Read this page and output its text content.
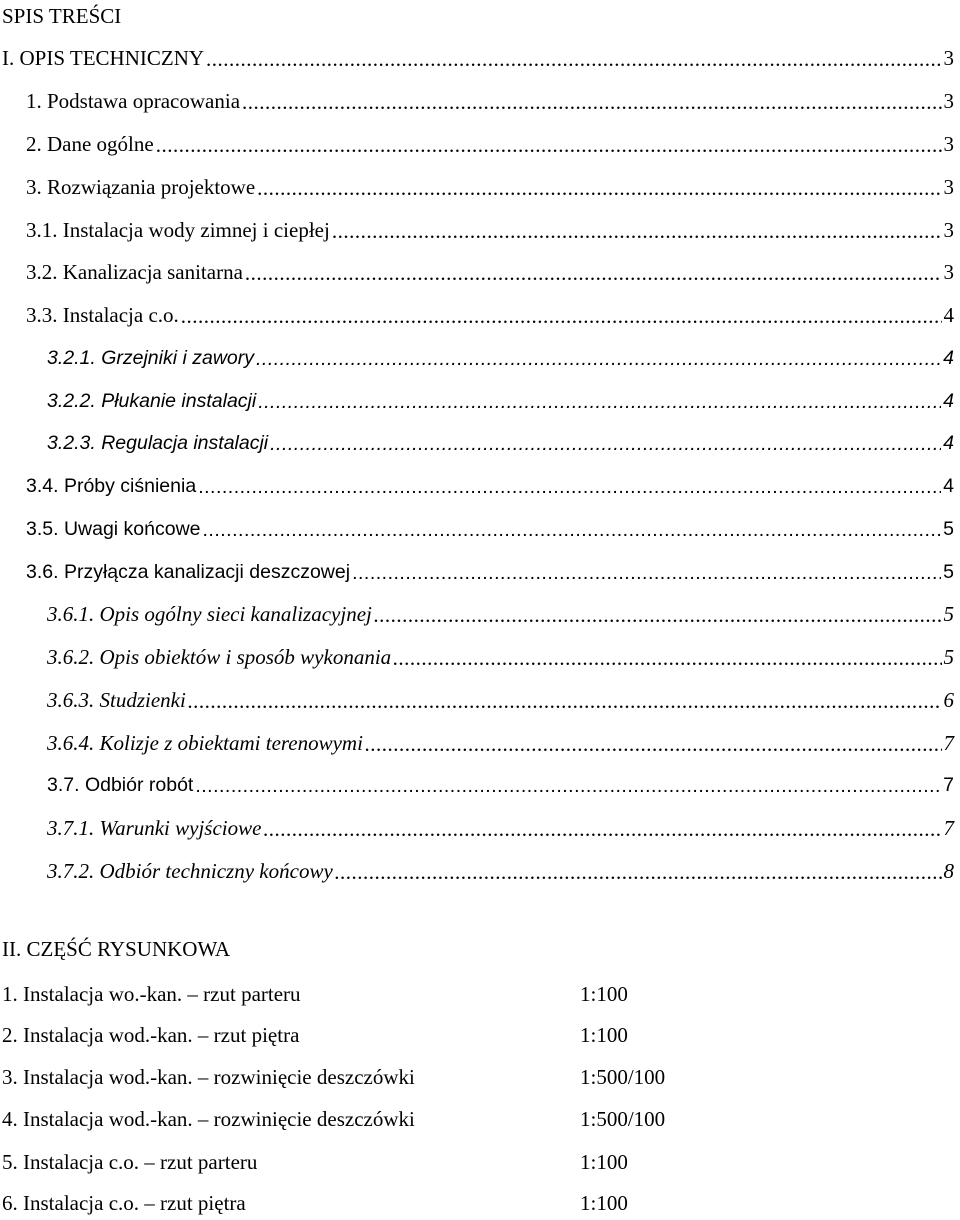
SPIS TREŚCI
I. OPIS TECHNICZNY .....	3
1. Podstawa opracowania .....	3
2. Dane ogólne .....	3
3. Rozwiązania projektowe .....	3
3.1. Instalacja wody zimnej i ciepłej .....	3
3.2. Kanalizacja sanitarna .....	3
3.3. Instalacja c.o. .....	4
3.2.1. Grzejniki i zawory .....	4
3.2.2. Płukanie instalacji .....	4
3.2.3. Regulacja instalacji .....	4
3.4. Próby ciśnienia .....	4
3.5. Uwagi końcowe .....	5
3.6. Przyłącza kanalizacji deszczowej .....	5
3.6.1. Opis ogólny sieci kanalizacyjnej .....	5
3.6.2. Opis obiektów i sposób wykonania .....	5
3.6.3. Studzienki .....	6
3.6.4. Kolizje z obiektami terenowymi .....	7
3.7. Odbiór robót .....	7
3.7.1. Warunki wyjściowe .....	7
3.7.2. Odbiór techniczny końcowy .....	8
II. CZĘŚĆ RYSUNKOWA
1. Instalacja wo.-kan. – rzut parteru	1:100
2. Instalacja wod.-kan. – rzut piętra	1:100
3. Instalacja wod.-kan. – rozwinięcie deszczówki	1:500/100
4. Instalacja wod.-kan. – rozwinięcie deszczówki	1:500/100
5. Instalacja c.o. – rzut parteru	1:100
6. Instalacja c.o. – rzut piętra	1:100
